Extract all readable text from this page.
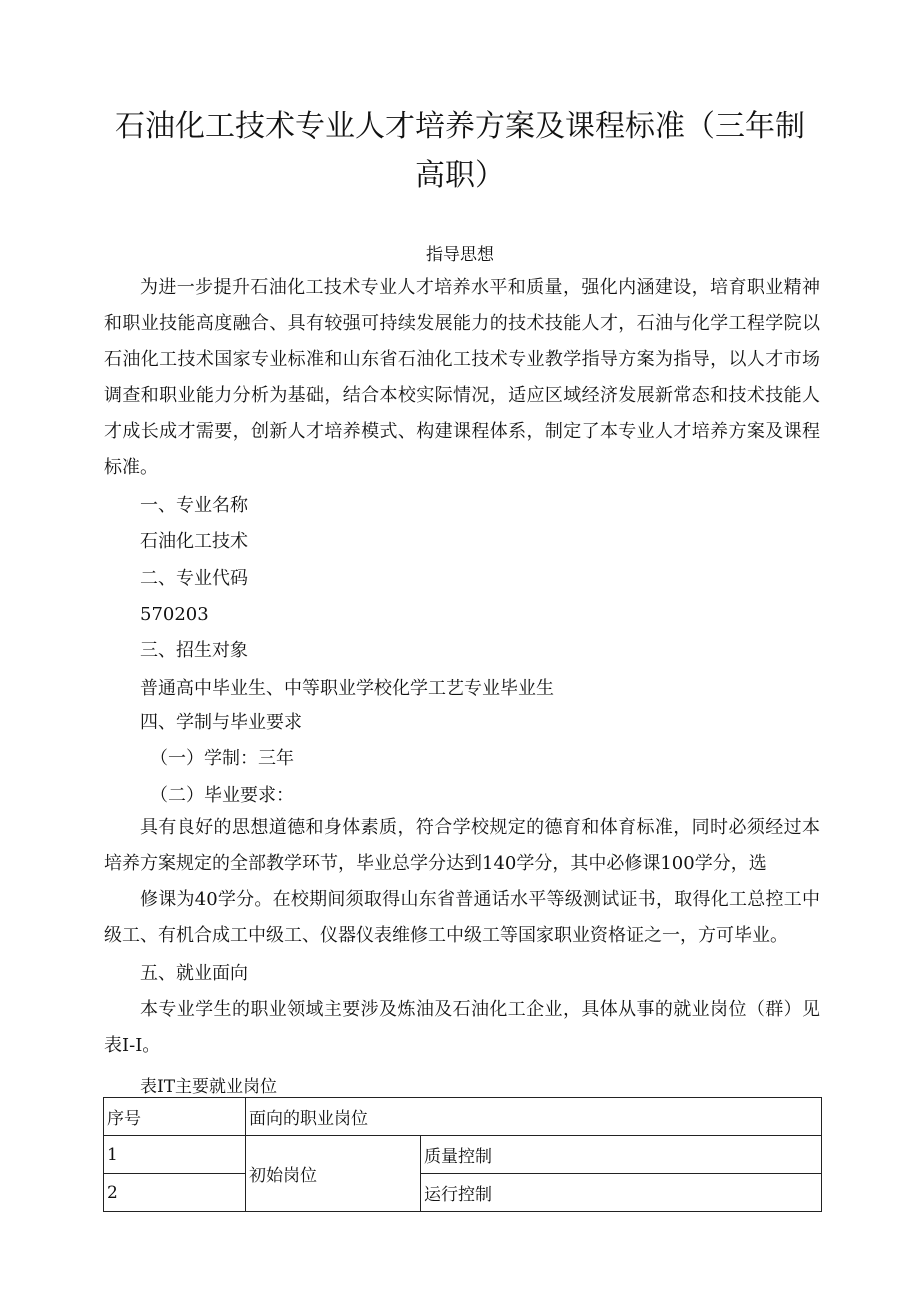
石油化工技术专业人才培养方案及课程标准（三年制
高职）
指导思想

为进一步提升石油化工技术专业人才培养水平和质量，强化内涵建设，培育职业精神和职业技能高度融合、具有较强可持续发展能力的技术技能人才，石油与化学工程学院以石油化工技术国家专业标准和山东省石油化工技术专业教学指导方案为指导，以人才市场调查和职业能力分析为基础，结合本校实际情况，适应区域经济发展新常态和技术技能人才成长成才需要，创新人才培养模式、构建课程体系，制定了本专业人才培养方案及课程标准。

一、专业名称
石油化工技术
二、专业代码
570203
三、招生对象
普通高中毕业生、中等职业学校化学工艺专业毕业生
四、学制与毕业要求
（一）学制：三年
（二）毕业要求：

具有良好的思想道德和身体素质，符合学校规定的德育和体育标准，同时必须经过本培养方案规定的全部教学环节，毕业总学分达到140学分，其中必修课100学分，选

修课为40学分。在校期间须取得山东省普通话水平等级测试证书，取得化工总控工中级工、有机合成工中级工、仪器仪表维修工中级工等国家职业资格证之一，方可毕业。

五、就业面向

本专业学生的职业领域主要涉及炼油及石油化工企业，具体从事的就业岗位（群）见表I-I。

表IT主要就业岗位
序号	面向的职业岗位	
1	初始岗位	质量控制
2		运行控制
